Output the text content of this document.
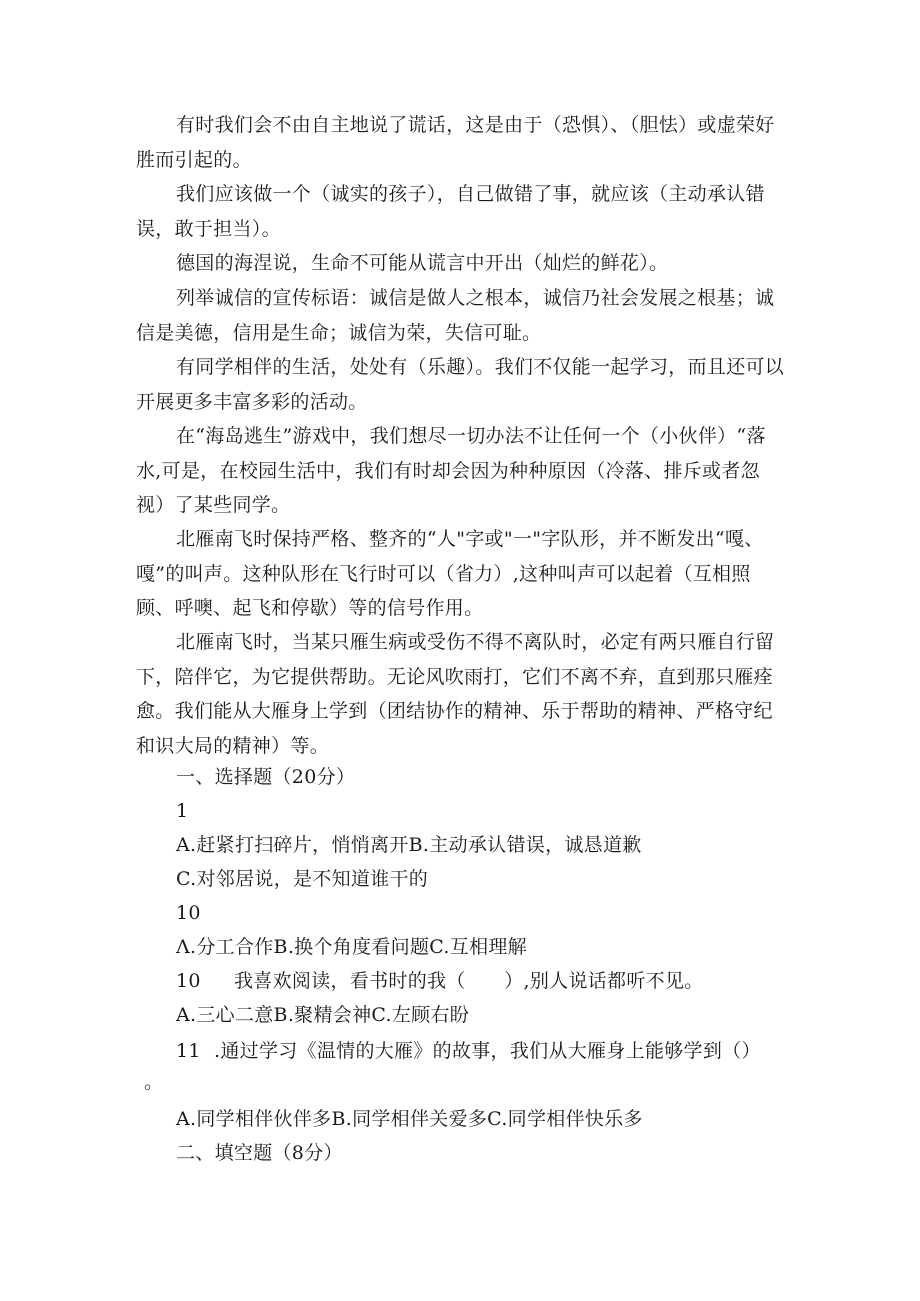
有时我们会不由自主地说了谎话，这是由于（恐惧）、（胆怯）或虚荣好胜而引起的。

我们应该做一个（诚实的孩子），自己做错了事，就应该（主动承认错误，敢于担当）。

德国的海涅说，生命不可能从谎言中开出（灿烂的鲜花）。

列举诚信的宣传标语：诚信是做人之根本，诚信乃社会发展之根基；诚信是美德，信用是生命；诚信为荣，失信可耻。

有同学相伴的生活，处处有（乐趣）。我们不仅能一起学习，而且还可以开展更多丰富多彩的活动。

在“海岛逃生”游戏中，我们想尽一切办法不让任何一个（小伙伴）“落水,可是，在校园生活中，我们有时却会因为种种原因（冷落、排斥或者忽视）了某些同学。

北雁南飞时保持严格、整齐的“人"字或"一"字队形，并不断发出“嘎、嘎”的叫声。这种队形在飞行时可以（省力）,这种叫声可以起着（互相照顾、呼噢、起飞和停歇）等的信号作用。

北雁南飞时，当某只雁生病或受伤不得不离队时，必定有两只雁自行留下，陪伴它，为它提供帮助。无论风吹雨打，它们不离不弃，直到那只雁痊愈。我们能从大雁身上学到（团结协作的精神、乐于帮助的精神、严格守纪和识大局的精神）等。

一、选择题（20分）

1

A.赶紧打扫碎片，悄悄离开B.主动承认错误，诚恳道歉

C.对邻居说，是不知道谁干的

10

Λ.分工合作B.换个角度看问题C.互相理解

10 我喜欢阅读，看书时的我（　　）,别人说话都听不见。

A.三心二意B.聚精会神C.左顾右盼

11 .通过学习《温情的大雁》的故事，我们从大雁身上能够学到（）

。

A.同学相伴伙伴多B.同学相伴关爱多C.同学相伴快乐多

二、填空题（8分）
